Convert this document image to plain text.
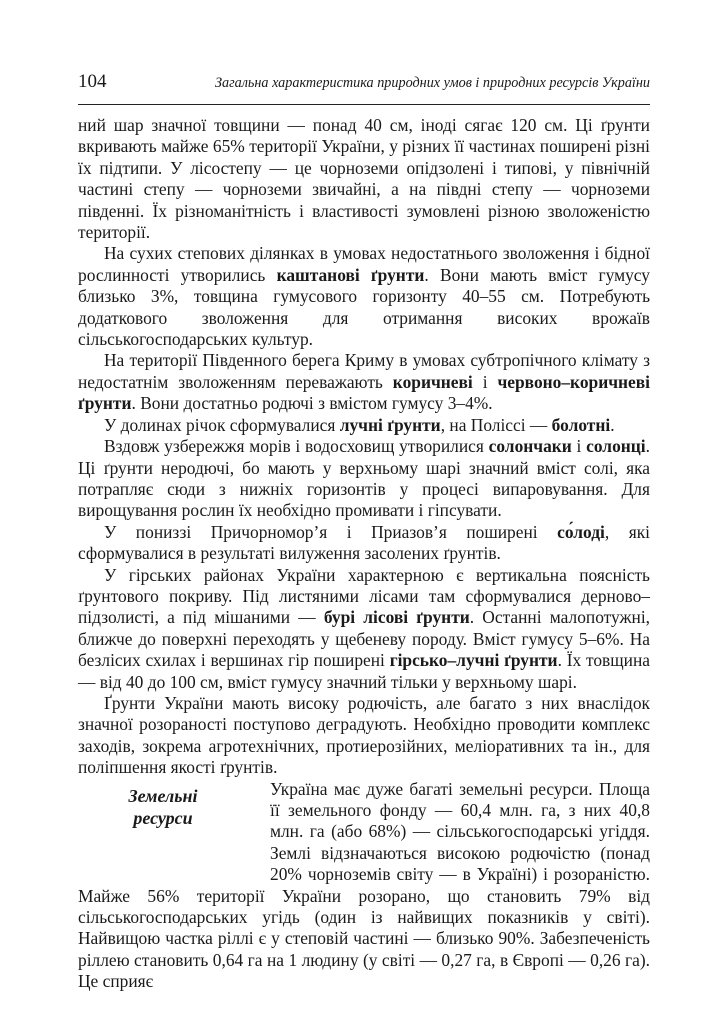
104	Загальна характеристика природних умов і природних ресурсів України

ний шар значної товщини — понад 40 см, іноді сягає 120 см. Ці ґрунти вкривають майже 65% території України, у різних її частинах поширені різні їх підтипи. У лісостепу — це чорноземи опідзолені і типові, у північній частині степу — чорноземи звичайні, а на півдні степу — чорноземи південні. Їх різноманітність і властивості зумовлені різною зволоженістю території.

На сухих степових ділянках в умовах недостатнього зволоження і бідної рослинності утворились каштанові ґрунти. Вони мають вміст гумусу близько 3%, товщина гумусового горизонту 40–55 см. Потребують додаткового зволоження для отримання високих врожаїв сільськогосподарських культур.

На території Південного берега Криму в умовах субтропічного клімату з недостатнім зволоженням переважають коричневі і червоно–коричневі ґрунти. Вони достатньо родючі з вмістом гумусу 3–4%.

У долинах річок сформувалися лучні ґрунти, на Поліссі — болотні.

Вздовж узбережжя морів і водосховищ утворилися солончаки і солонці. Ці ґрунти неродючі, бо мають у верхньому шарі значний вміст солі, яка потрапляє сюди з нижніх горизонтів у процесі випаровування. Для вирощування рослин їх необхідно промивати і гіпсувати.

У пониззі Причорномор’я і Приазов’я поширені со́лоді, які сформувалися в результаті вилуження засолених ґрунтів.

У гірських районах України характерною є вертикальна поясність ґрунтового покриву. Під листяними лісами там сформувалися дерново–підзолисті, а під мішаними — бурі лісові ґрунти. Останні малопотужні, ближче до поверхні переходять у щебеневу породу. Вміст гумусу 5–6%. На безлісих схилах і вершинах гір поширені гірсько–лучні ґрунти. Їх товщина — від 40 до 100 см, вміст гумусу значний тільки у верхньому шарі.

Ґрунти України мають високу родючість, але багато з них внаслідок значної розораності поступово деградують. Необхідно проводити комплекс заходів, зокрема агротехнічних, протиерозійних, меліоративних та ін., для поліпшення якості ґрунтів.

Земельні
ресурси

Україна має дуже багаті земельні ресурси. Площа її земельного фонду — 60,4 млн. га, з них 40,8 млн. га (або 68%) — сільськогосподарські угіддя. Землі відзначаються високою родючістю (понад 20% чорноземів світу — в Україні) і розораністю. Майже 56% території України розорано, що становить 79% від сільськогосподарських угідь (один із найвищих показників у світі). Найвищою частка ріллі є у степовій частині — близько 90%. Забезпеченість ріллею становить 0,64 га на 1 людину (у світі — 0,27 га, в Європі — 0,26 га). Це сприяє
